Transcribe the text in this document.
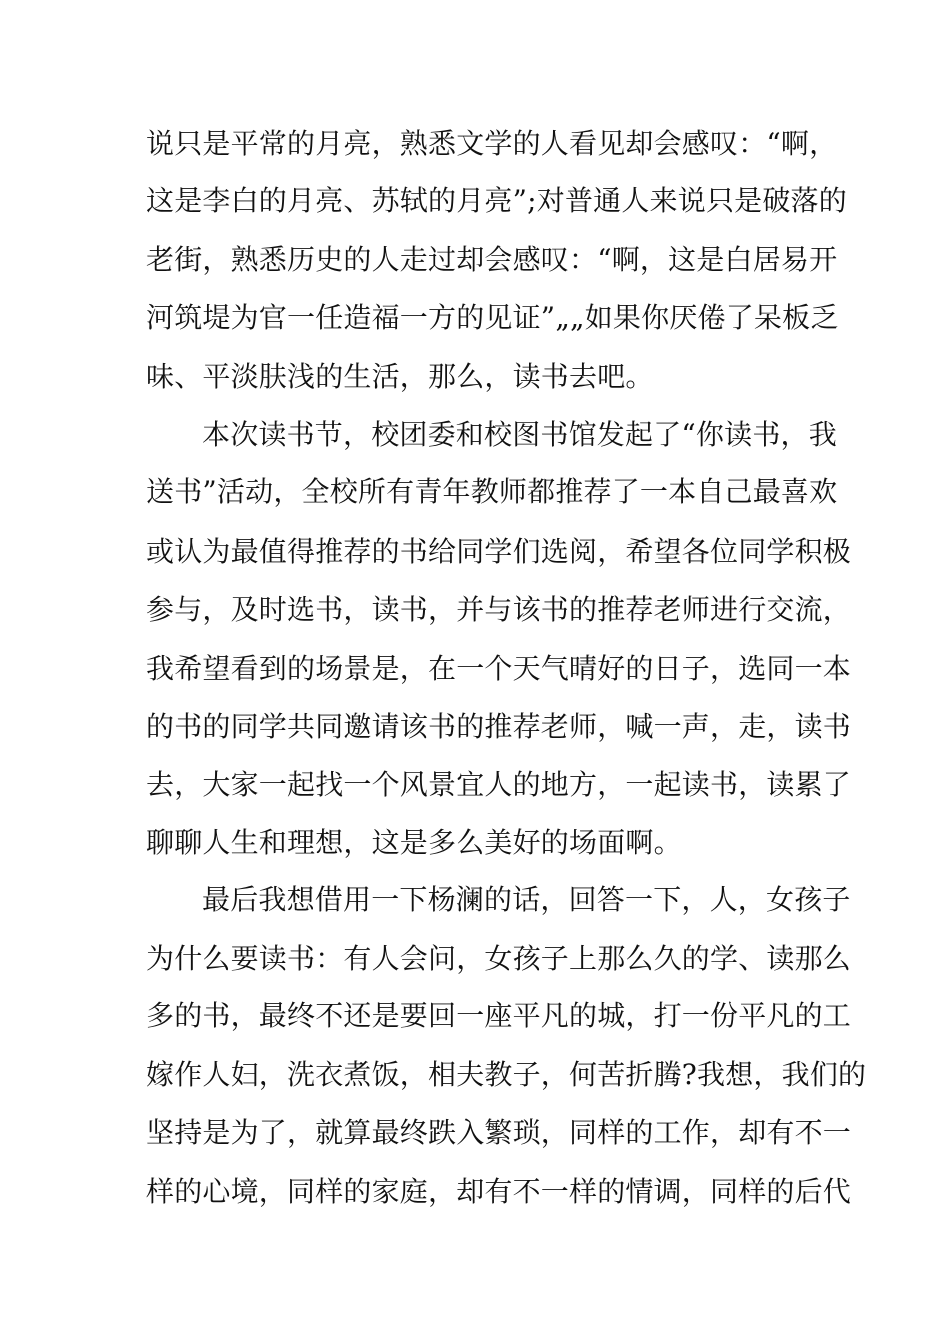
说只是平常的月亮，熟悉文学的人看见却会感叹：“啊，
这是李白的月亮、苏轼的月亮”;对普通人来说只是破落的
老街，熟悉历史的人走过却会感叹：“啊，这是白居易开
河筑堤为官一任造福一方的见证”„„如果你厌倦了呆板乏
味、平淡肤浅的生活，那么，读书去吧。
本次读书节，校团委和校图书馆发起了“你读书，我
送书”活动，全校所有青年教师都推荐了一本自己最喜欢
或认为最值得推荐的书给同学们选阅，希望各位同学积极
参与，及时选书，读书，并与该书的推荐老师进行交流，
我希望看到的场景是，在一个天气晴好的日子，选同一本
的书的同学共同邀请该书的推荐老师，喊一声，走，读书
去，大家一起找一个风景宜人的地方，一起读书，读累了
聊聊人生和理想，这是多么美好的场面啊。
最后我想借用一下杨澜的话，回答一下，人，女孩子
为什么要读书：有人会问，女孩子上那么久的学、读那么
多的书，最终不还是要回一座平凡的城，打一份平凡的工
嫁作人妇，洗衣煮饭，相夫教子，何苦折腾?我想，我们的
坚持是为了，就算最终跌入繁琐，同样的工作，却有不一
样的心境，同样的家庭，却有不一样的情调，同样的后代
